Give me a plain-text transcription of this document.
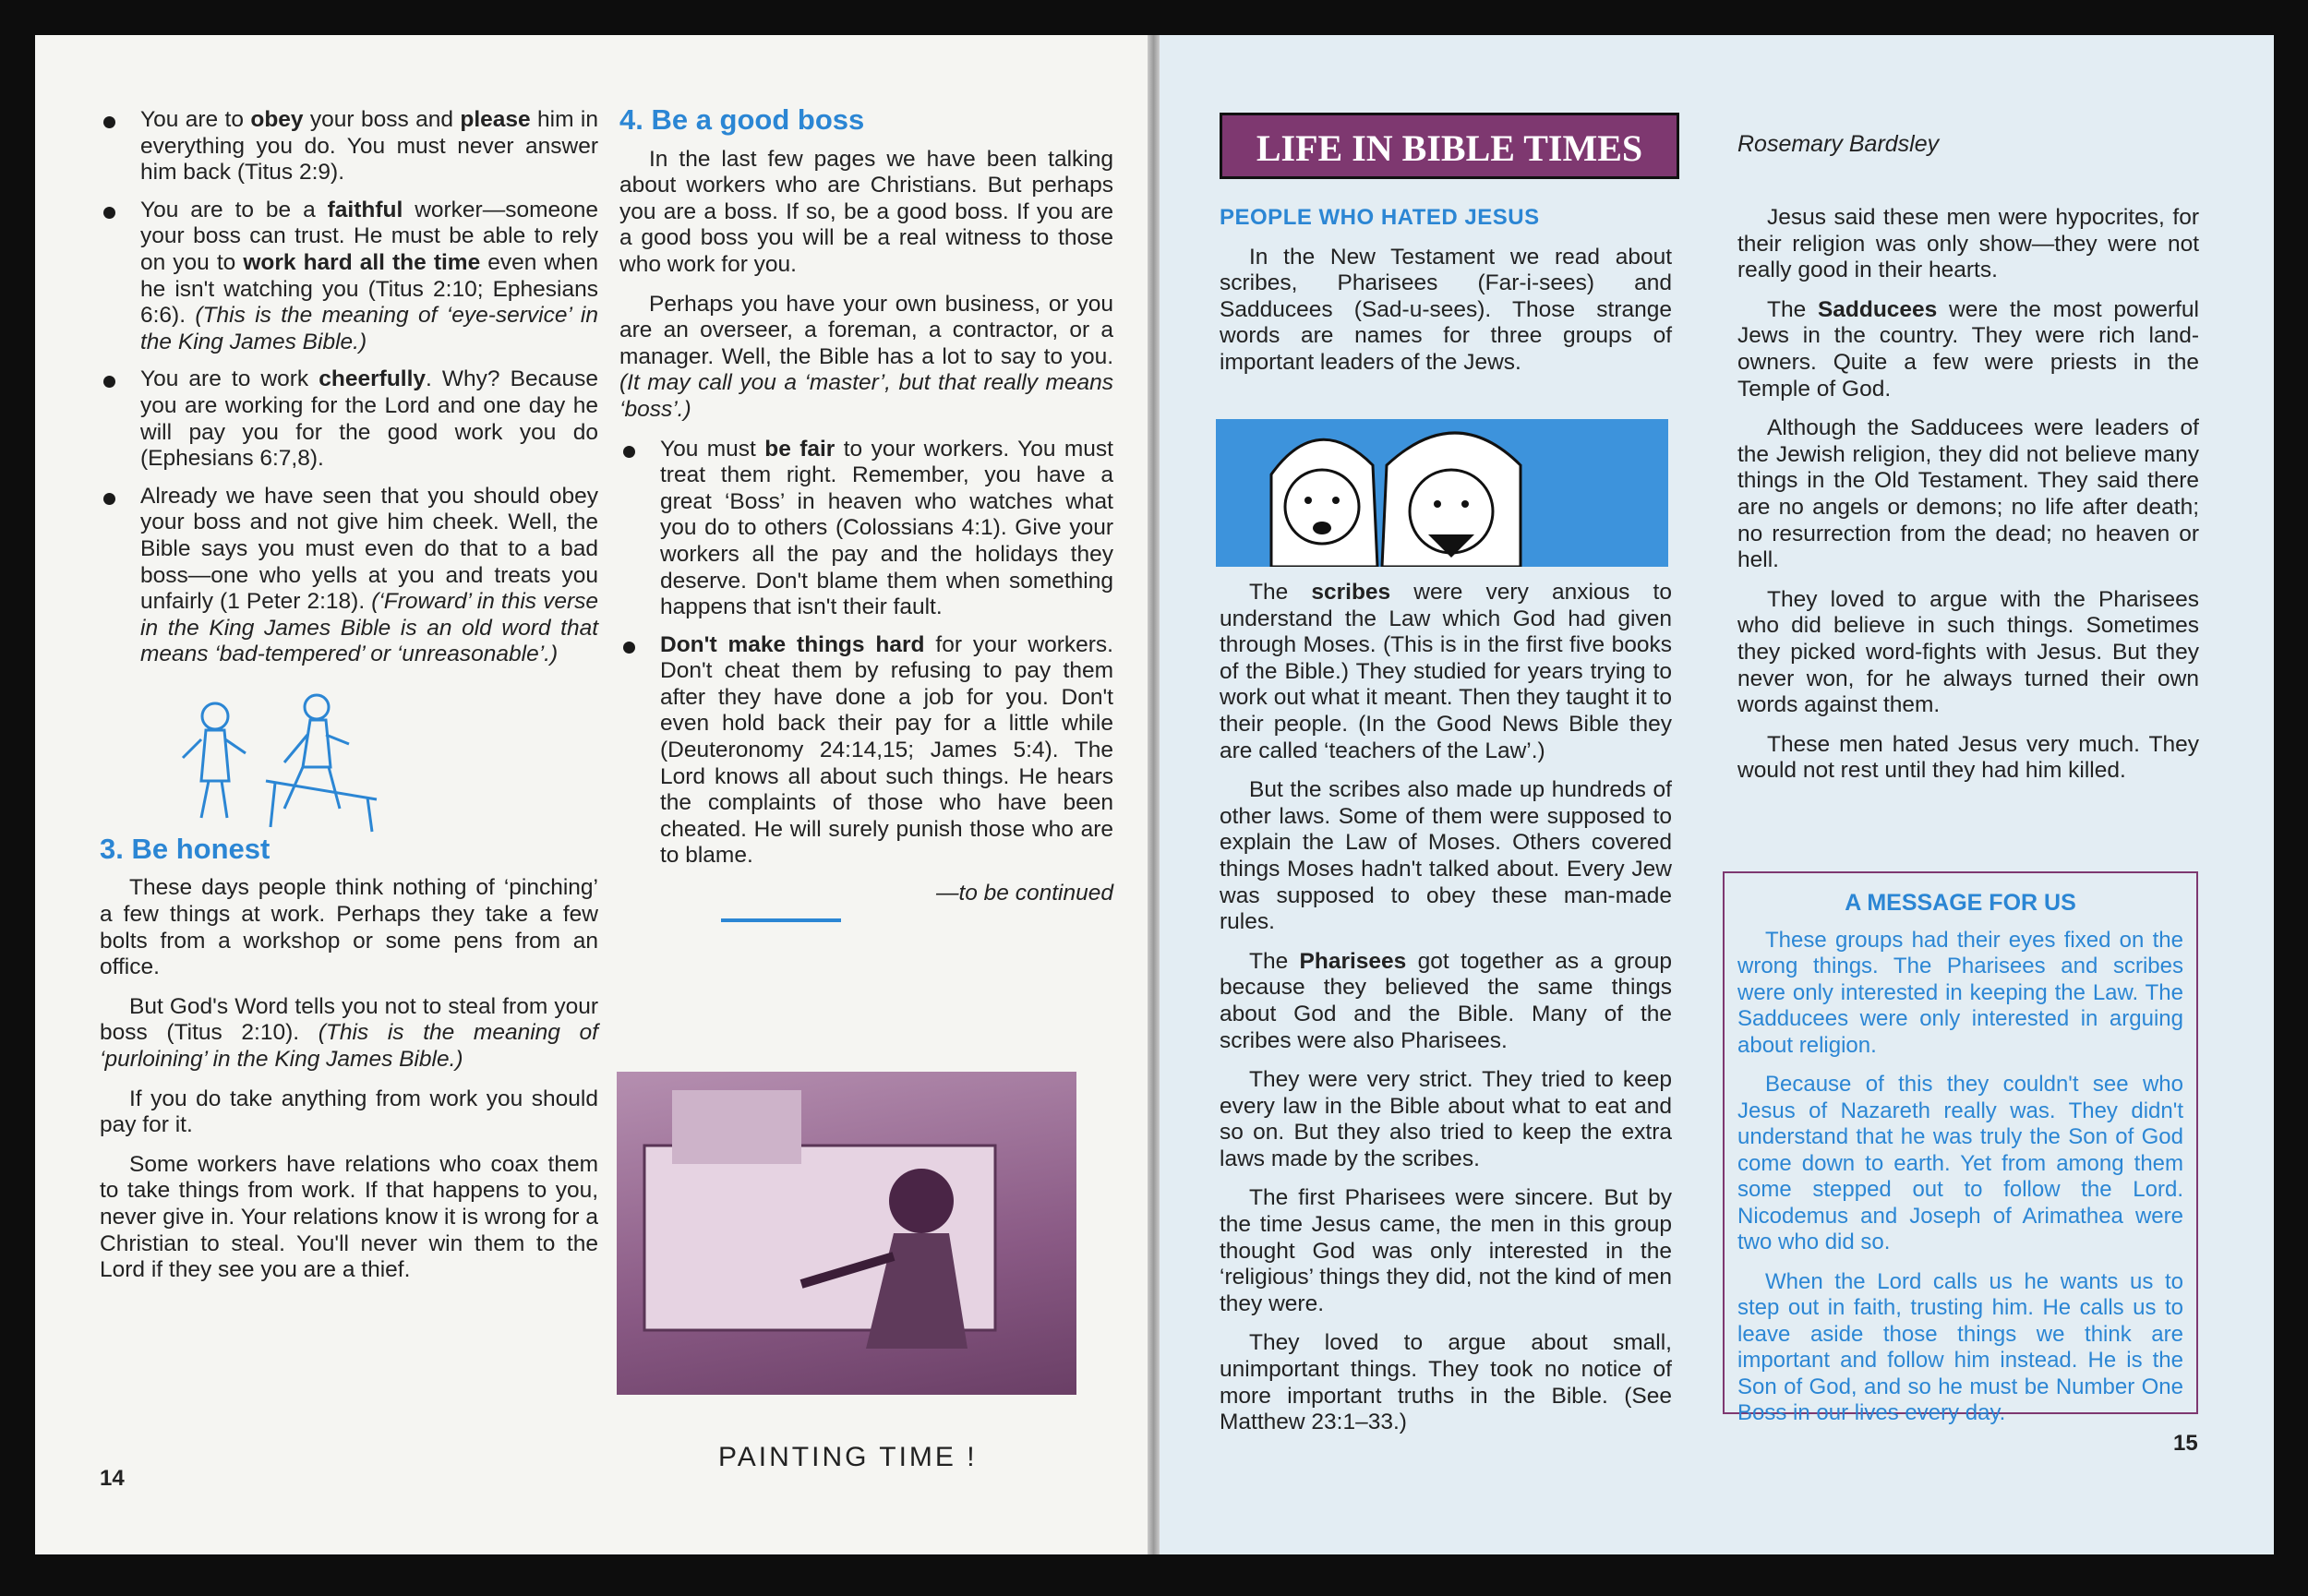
You are to obey your boss and please him in everything you do. You must never answer him back (Titus 2:9).
You are to be a faithful worker—someone your boss can trust. He must be able to rely on you to work hard all the time even when he isn't watching you (Titus 2:10; Ephesians 6:6). (This is the meaning of ‘eye-service’ in the King James Bible.)
You are to work cheerfully. Why? Because you are working for the Lord and one day he will pay you for the good work you do (Ephesians 6:7,8).
Already we have seen that you should obey your boss and not give him cheek. Well, the Bible says you must even do that to a bad boss—one who yells at you and treats you unfairly (1 Peter 2:18). (‘Froward’ in this verse in the King James Bible is an old word that means ‘bad-tempered’ or ‘unreasonable’.)
3. Be honest

These days people think nothing of ‘pinching’ a few things at work. Perhaps they take a few bolts from a workshop or some pens from an office.

But God's Word tells you not to steal from your boss (Titus 2:10). (This is the meaning of ‘purloining’ in the King James Bible.)

If you do take anything from work you should pay for it.

Some workers have relations who coax them to take things from work. If that happens to you, never give in. Your relations know it is wrong for a Christian to steal. You'll never win them to the Lord if they see you are a thief.

4. Be a good boss

In the last few pages we have been talking about workers who are Christians. But perhaps you are a boss. If so, be a good boss. If you are a good boss you will be a real witness to those who work for you.

Perhaps you have your own business, or you are an overseer, a foreman, a contractor, or a manager. Well, the Bible has a lot to say to you. (It may call you a ‘master’, but that really means ‘boss’.)

You must be fair to your workers. You must treat them right. Remember, you have a great ‘Boss’ in heaven who watches what you do to others (Colossians 4:1). Give your workers all the pay and the holidays they deserve. Don't blame them when something happens that isn't their fault.
Don't make things hard for your workers. Don't cheat them by refusing to pay them after they have done a job for you. Don't even hold back their pay for a little while (Deuteronomy 24:14,15; James 5:4). The Lord knows all about such things. He hears the complaints of those who have been cheated. He will surely punish those who are to blame.
—to be continued
PAINTING TIME !
14
LIFE IN BIBLE TIMES	Rosemary Bardsley
PEOPLE WHO HATED JESUS

In the New Testament we read about scribes, Pharisees (Far-i-sees) and Sadducees (Sad-u-sees). Those strange words are names for three groups of important leaders of the Jews.

The scribes were very anxious to understand the Law which God had given through Moses. (This is in the first five books of the Bible.) They studied for years trying to work out what it meant. Then they taught it to their people. (In the Good News Bible they are called ‘teachers of the Law’.)

But the scribes also made up hundreds of other laws. Some of them were supposed to explain the Law of Moses. Others covered things Moses hadn't talked about. Every Jew was supposed to obey these man-made rules.

The Pharisees got together as a group because they believed the same things about God and the Bible. Many of the scribes were also Pharisees.

They were very strict. They tried to keep every law in the Bible about what to eat and so on. But they also tried to keep the extra laws made by the scribes.

The first Pharisees were sincere. But by the time Jesus came, the men in this group thought God was only interested in the ‘religious’ things they did, not the kind of men they were.

They loved to argue about small, unimportant things. They took no notice of more important truths in the Bible. (See Matthew 23:1–33.)

Jesus said these men were hypocrites, for their religion was only show—they were not really good in their hearts.

The Sadducees were the most powerful Jews in the country. They were rich land-owners. Quite a few were priests in the Temple of God.

Although the Sadducees were leaders of the Jewish religion, they did not believe many things in the Old Testament. They said there are no angels or demons; no life after death; no resurrection from the dead; no heaven or hell.

They loved to argue with the Pharisees who did believe in such things. Sometimes they picked word-fights with Jesus. But they never won, for he always turned their own words against them.

These men hated Jesus very much. They would not rest until they had him killed.

A MESSAGE FOR US

These groups had their eyes fixed on the wrong things. The Pharisees and scribes were only interested in keeping the Law. The Sadducees were only interested in arguing about religion.

Because of this they couldn't see who Jesus of Nazareth really was. They didn't understand that he was truly the Son of God come down to earth. Yet from among them some stepped out to follow the Lord. Nicodemus and Joseph of Arimathea were two who did so.

When the Lord calls us he wants us to step out in faith, trusting him. He calls us to leave aside those things we think are important and follow him instead. He is the Son of God, and so he must be Number One Boss in our lives every day.

15
